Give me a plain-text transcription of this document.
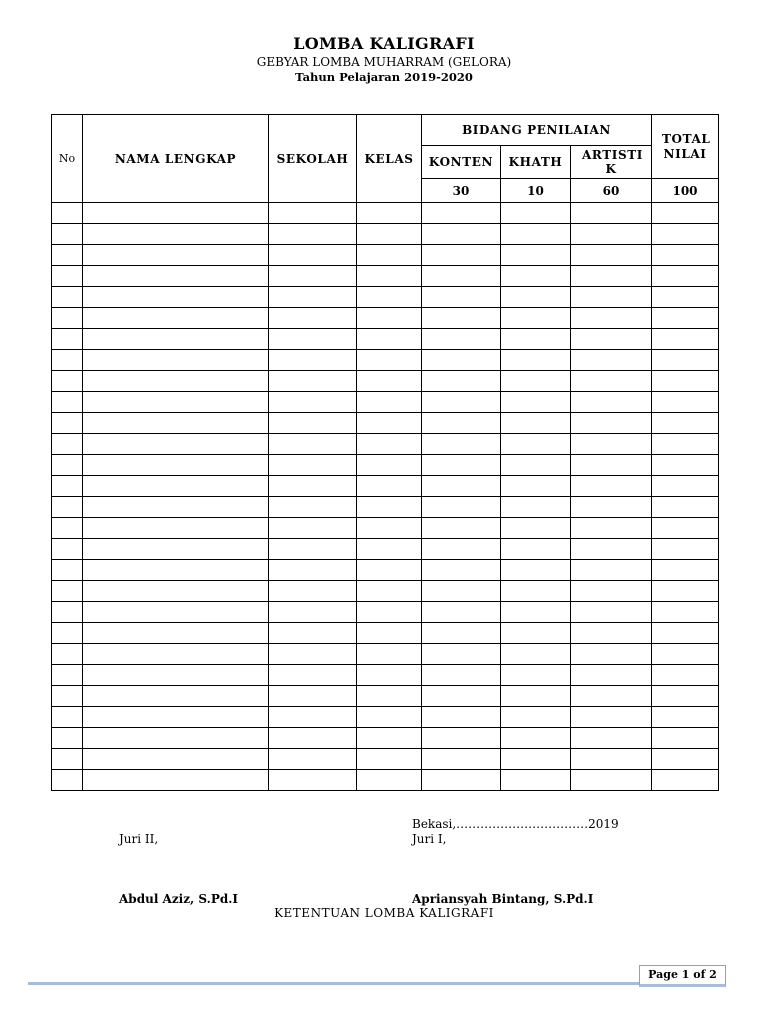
LOMBA KALIGRAFI
GEBYAR LOMBA MUHARRAM (GELORA)
Tahun Pelajaran 2019-2020
No	NAMA LENGKAP	SEKOLAH	KELAS	BIDANG PENILAIAN			TOTAL NILAI

				KONTEN	KHATH	ARTISTI K	

				30	10	60	100

Bekasi,……………………………2019
Juri II,	Juri I,
Abdul Aziz, S.Pd.I	Apriansyah Bintang, S.Pd.I
KETENTUAN LOMBA KALIGRAFI
Page 1 of 2
